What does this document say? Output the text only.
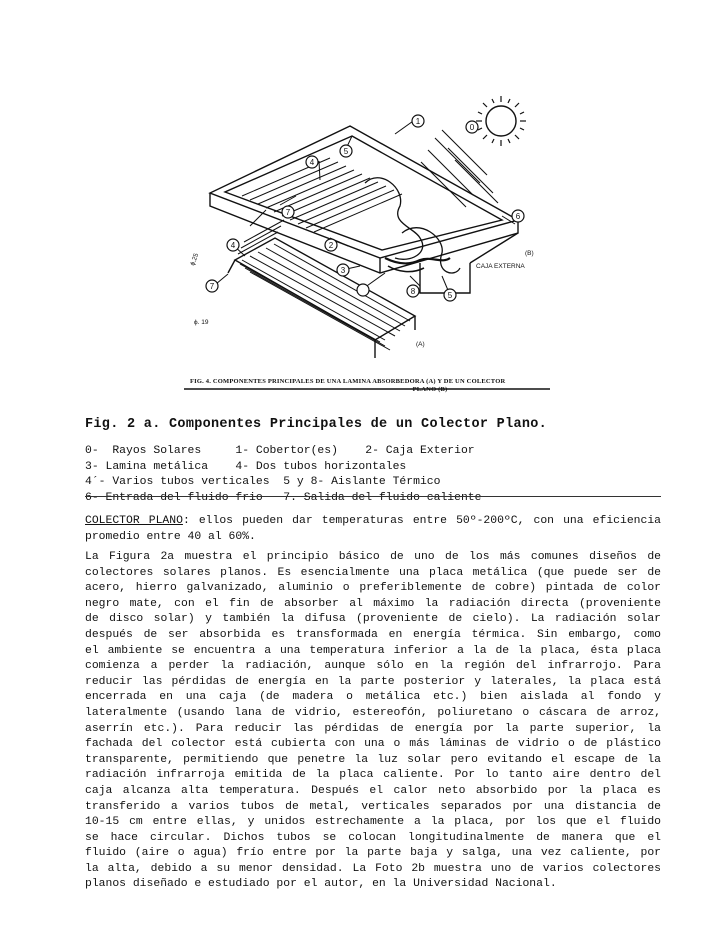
0
1
2
3
4
4
5
5
6
7
7
8
(B)
(A)
CAJA EXTERNA
ϕ.25
ϕ. 19
FIG. 4. COMPONENTES PRINCIPALES DE UNA LAMINA ABSORBEDORA (A) Y DE UN COLECTOR
PLANO (B)
Fig. 2 a. Componentes Principales de un Colector Plano.
0-  Rayos Solares     1- Cobertor(es)    2- Caja Exterior
3- Lamina metálica    4- Dos tubos horizontales
4´- Varios tubos verticales  5 y 8- Aislante Térmico
6- Entrada del fluido frio   7. Salida del fluido caliente
COLECTOR PLANO: ellos pueden dar temperaturas entre 50º-200ºC, con una eficiencia promedio entre 40 al 60%.
La Figura 2a muestra el principio básico de uno de los más comunes diseños de
colectores solares planos. Es esencialmente una placa metálica (que puede ser de
acero, hierro galvanizado, aluminio o preferiblemente de cobre) pintada de color
negro mate, con el fin de absorber al máximo la radiación directa (proveniente
de disco solar) y también la difusa (proveniente de cielo). La radiación solar
después de ser absorbida es transformada en energía térmica. Sin embargo, como
el ambiente se encuentra a una temperatura inferior a la de la placa, ésta placa
comienza a perder la radiación, aunque sólo en la región del infrarrojo. Para
reducir las pérdidas de energía en la parte posterior y laterales, la placa está
encerrada en una caja (de madera o metálica etc.) bien aislada al fondo y
lateralmente (usando lana de vidrio, estereofón, poliuretano o cáscara de arroz,
aserrín etc.). Para reducir las pérdidas de energía por la parte superior, la
fachada del colector está cubierta con una o más láminas de vidrio o de plástico
transparente, permitiendo que penetre la luz solar pero evitando el escape de la
radiación infrarroja emitida de la placa caliente. Por lo tanto aire dentro del
caja alcanza alta temperatura. Después el calor neto absorbido por la placa es
transferido a varios tubos de metal, verticales separados por una distancia de
10-15 cm entre ellas, y unidos estrechamente a la placa, por los que el fluido
se hace circular. Dichos tubos se colocan longitudinalmente de manera que el
fluido (aire o agua) frío entre por la parte baja y salga, una vez caliente, por
la alta, debido a su menor densidad. La Foto 2b muestra uno de varios colectores
planos diseñado e estudiado por el autor, en la Universidad Nacional.
